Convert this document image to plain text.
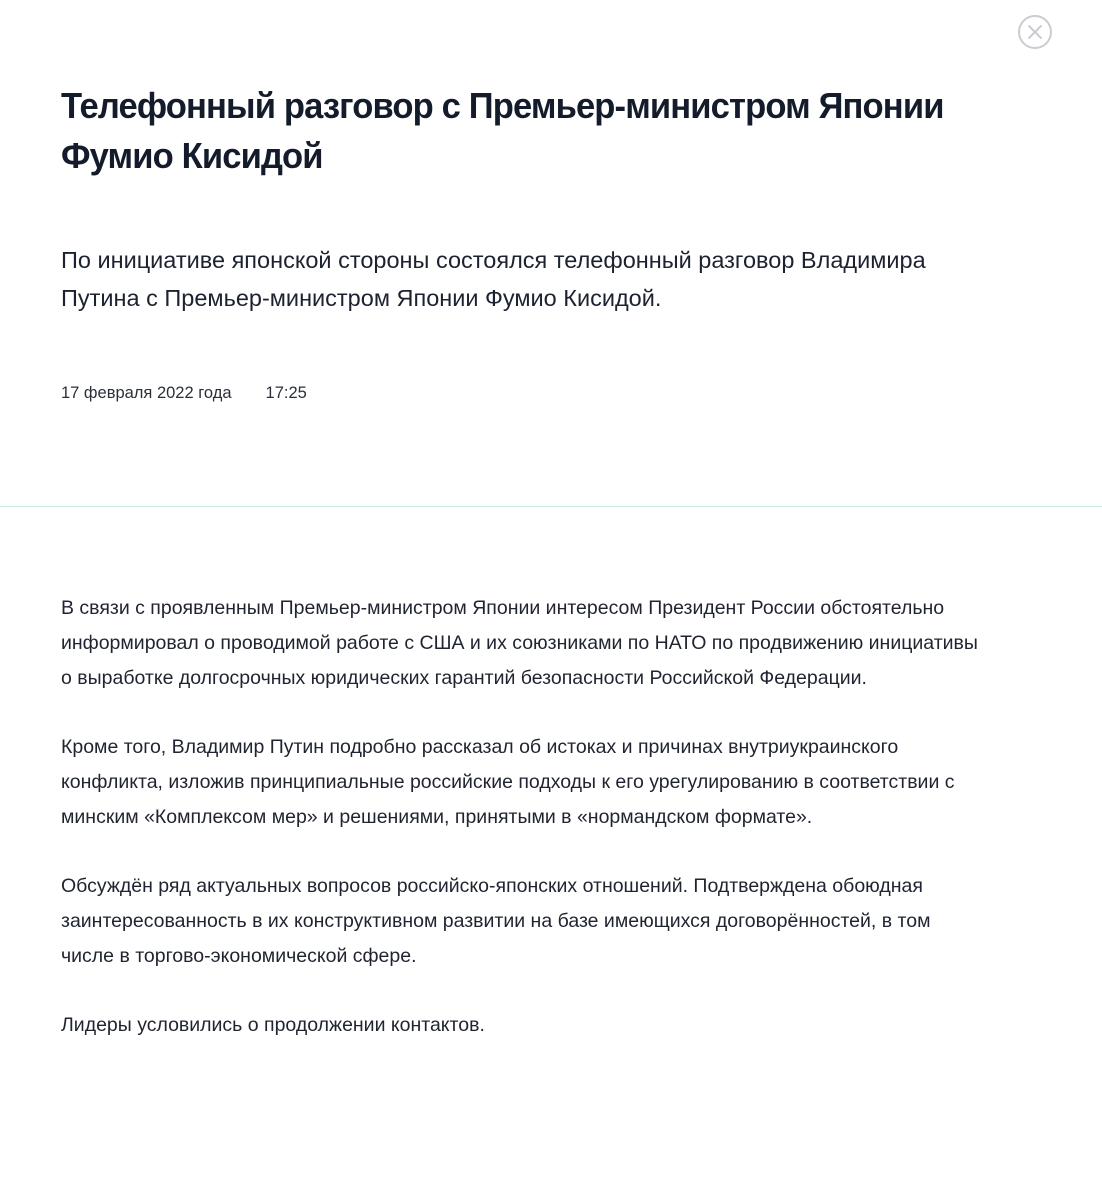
Телефонный разговор с Премьер-министром Японии Фумио Кисидой

По инициативе японской стороны состоялся телефонный разговор Владимира Путина с Премьер-министром Японии Фумио Кисидой.

17 февраля 2022 года 17:25

В связи с проявленным Премьер-министром Японии интересом Президент России обстоятельно информировал о проводимой работе с США и их союзниками по НАТО по продвижению инициативы о выработке долгосрочных юридических гарантий безопасности Российской Федерации.

Кроме того, Владимир Путин подробно рассказал об истоках и причинах внутриукраинского конфликта, изложив принципиальные российские подходы к его урегулированию в соответствии с минским «Комплексом мер» и решениями, принятыми в «нормандском формате».

Обсуждён ряд актуальных вопросов российско-японских отношений. Подтверждена обоюдная заинтересованность в их конструктивном развитии на базе имеющихся договорённостей, в том числе в торгово-экономической сфере.

Лидеры условились о продолжении контактов.
